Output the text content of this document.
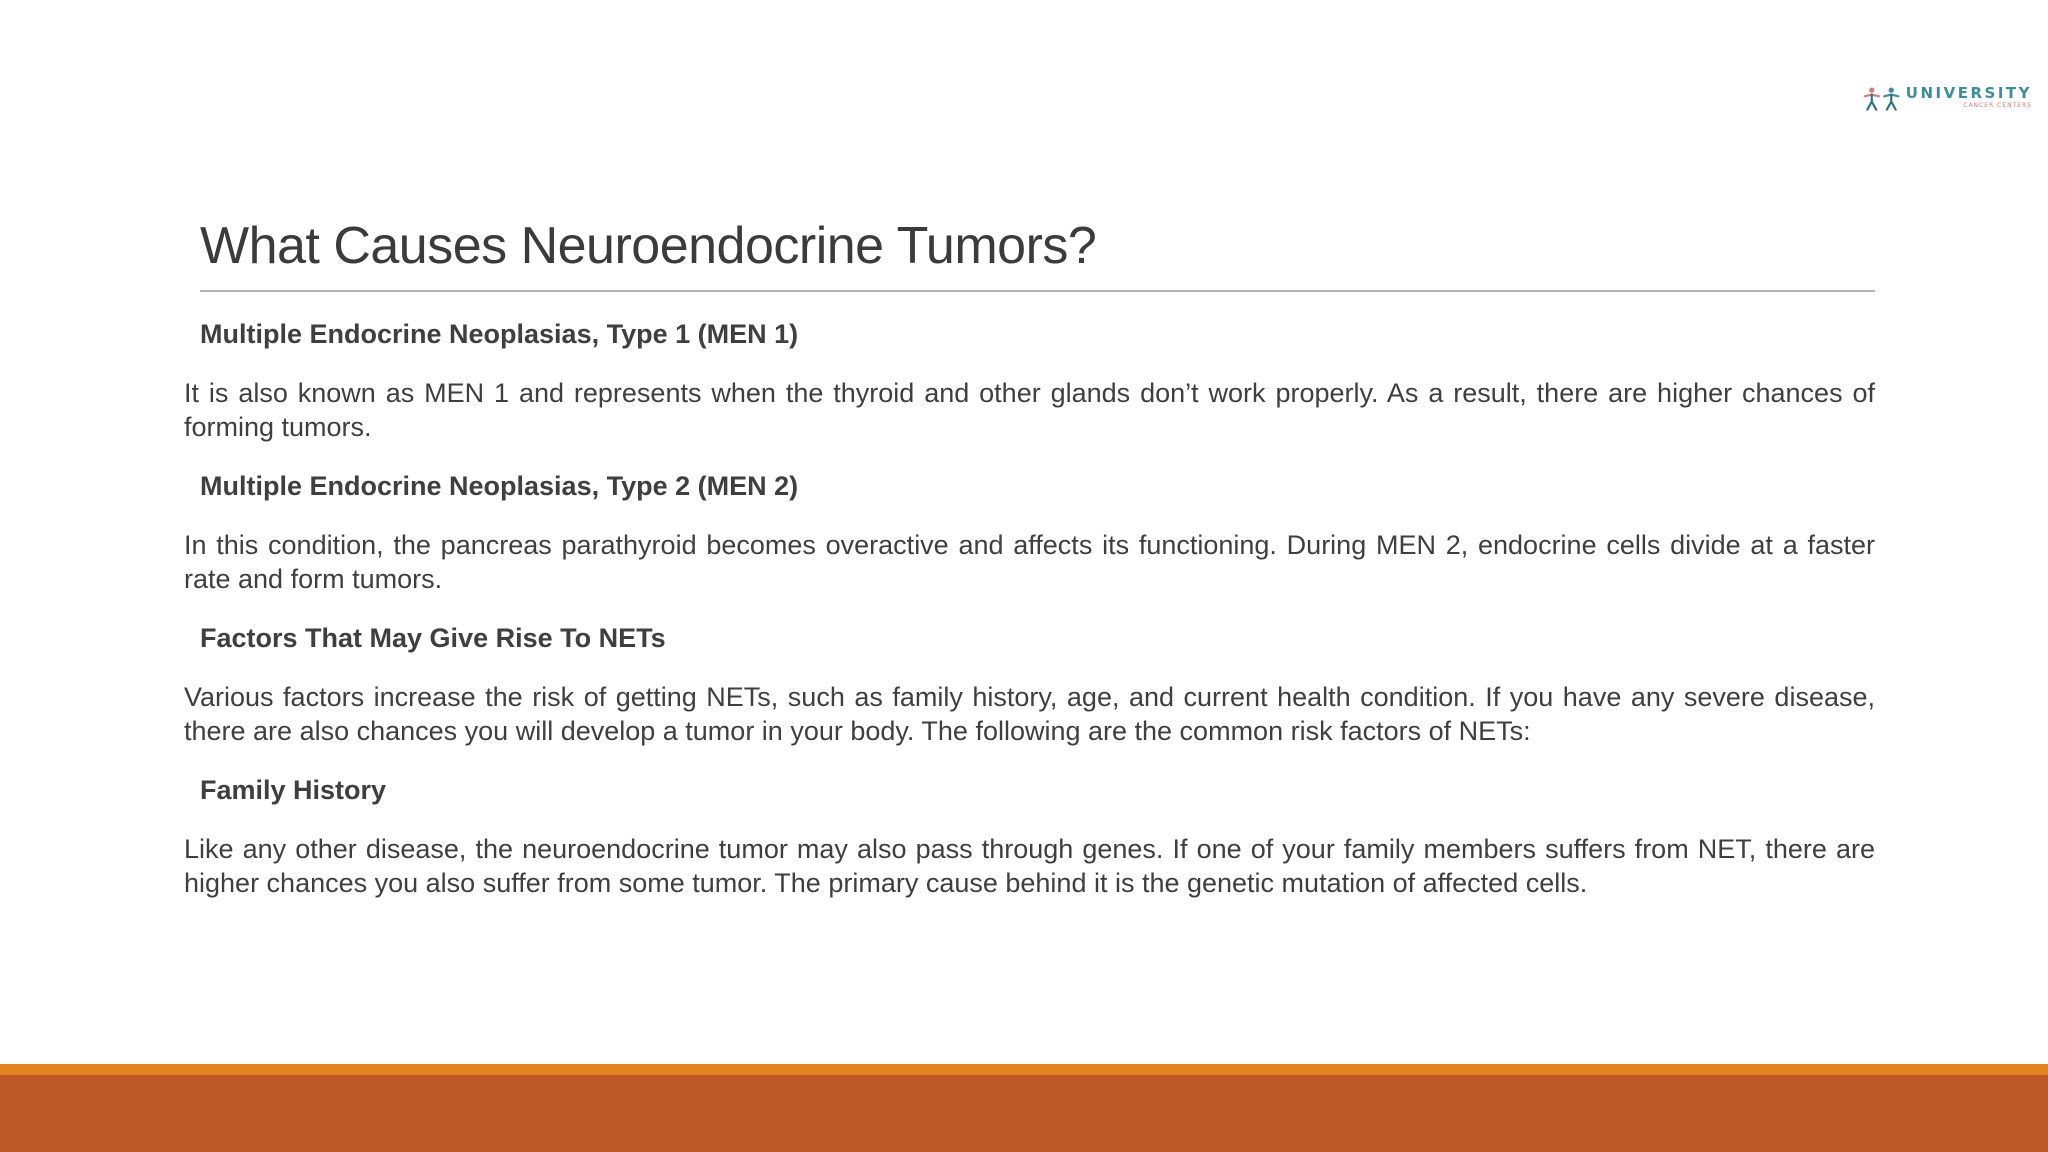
UNIVERSITY
CANCER CENTERS
What Causes Neuroendocrine Tumors?
Multiple Endocrine Neoplasias, Type 1 (MEN 1)

It is also known as MEN 1 and represents when the thyroid and other glands don’t work properly. As a result, there are higher chances of forming tumors.

Multiple Endocrine Neoplasias, Type 2 (MEN 2)

In this condition, the pancreas parathyroid becomes overactive and affects its functioning. During MEN 2, endocrine cells divide at a faster rate and form tumors.

Factors That May Give Rise To NETs

Various factors increase the risk of getting NETs, such as family history, age, and current health condition. If you have any severe disease, there are also chances you will develop a tumor in your body. The following are the common risk factors of NETs:

Family History

Like any other disease, the neuroendocrine tumor may also pass through genes. If one of your family members suffers from NET, there are higher chances you also suffer from some tumor. The primary cause behind it is the genetic mutation of affected cells.
